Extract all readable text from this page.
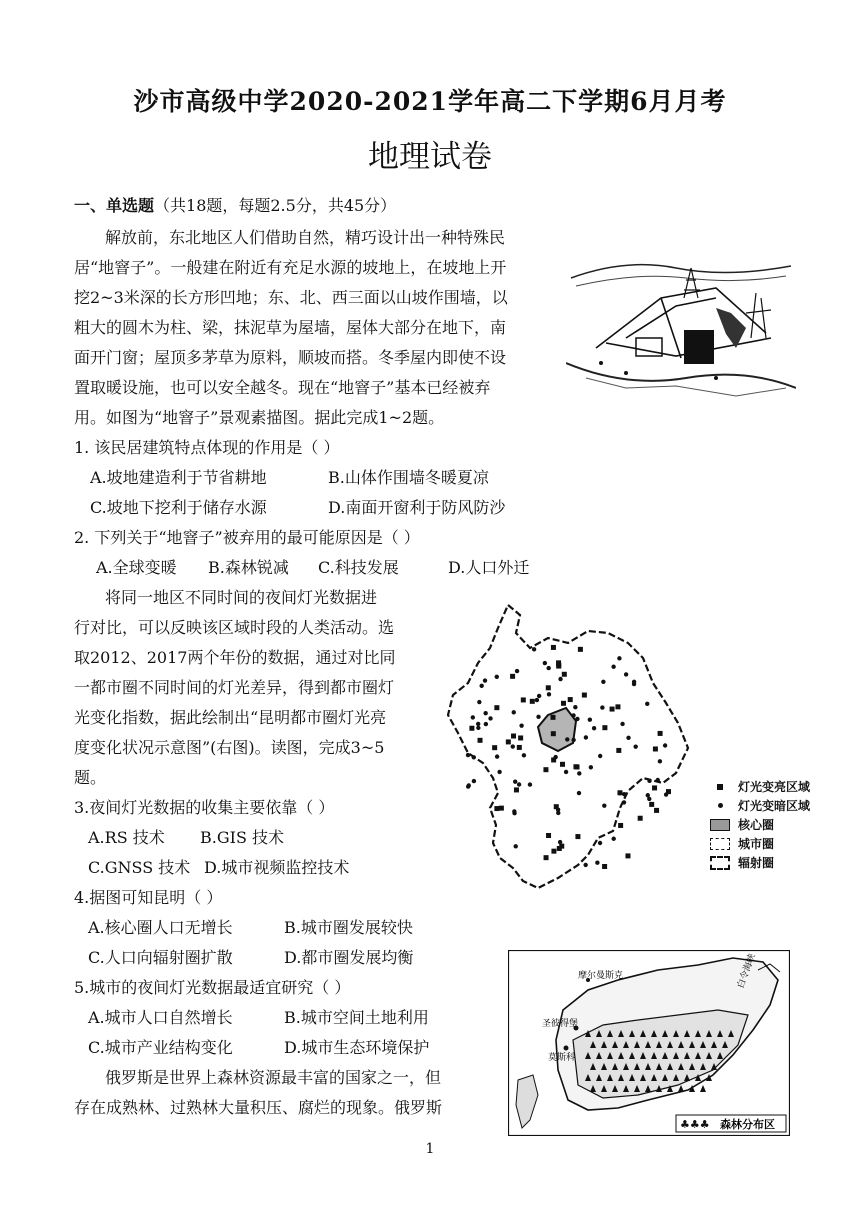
沙市高级中学2020-2021学年高二下学期6月月考
地理试卷
一、单选题（共18题，每题2.5分，共45分）
解放前，东北地区人们借助自然，精巧设计出一种特殊民
居“地窨子”。一般建在附近有充足水源的坡地上，在坡地上开
挖2~3米深的长方形凹地；东、北、西三面以山坡作围墙，以
粗大的圆木为柱、梁，抹泥草为屋墙，屋体大部分在地下，南
面开门窗；屋顶多茅草为原料，顺坡而搭。冬季屋内即使不设
置取暖设施，也可以安全越冬。现在“地窨子”基本已经被弃
用。如图为“地窨子”景观素描图。据此完成1~2题。
1. 该民居建筑特点体现的作用是（ ）
A.坡地建造利于节省耕地	B.山体作围墙冬暖夏凉
C.坡地下挖利于储存水源	D.南面开窗利于防风防沙
2. 下列关于“地窨子”被弃用的最可能原因是（ ）
A.全球变暖 B.森林锐减 C.科技发展	D.人口外迁
将同一地区不同时间的夜间灯光数据进
行对比，可以反映该区域时段的人类活动。选
取2012、2017两个年份的数据，通过对比同
一都市圈不同时间的灯光差异，得到都市圈灯
光变化指数，据此绘制出“昆明都市圈灯光亮
度变化状况示意图”(右图)。读图，完成3~5
题。	灯光变亮区域
灯光变暗区域
核心圈
城市圈
辐射圈
3.夜间灯光数据的收集主要依靠（ ）
A.RS 技术 B.GIS 技术
C.GNSS 技术 D.城市视频监控技术
4.据图可知昆明（ ）
A.核心圈人口无增长	B.城市圈发展较快
C.人口向辐射圈扩散	D.都市圈发展均衡
5.城市的夜间灯光数据最适宜研究（ ）
A.城市人口自然增长	B.城市空间土地利用
C.城市产业结构变化	D.城市生态环境保护
俄罗斯是世界上森林资源最丰富的国家之一，但
存在成熟林、过熟林大量积压、腐烂的现象。俄罗斯
摩尔曼斯克
圣彼得堡
莫斯科
白令海峡
♣♣♣ 森林分布区
1
